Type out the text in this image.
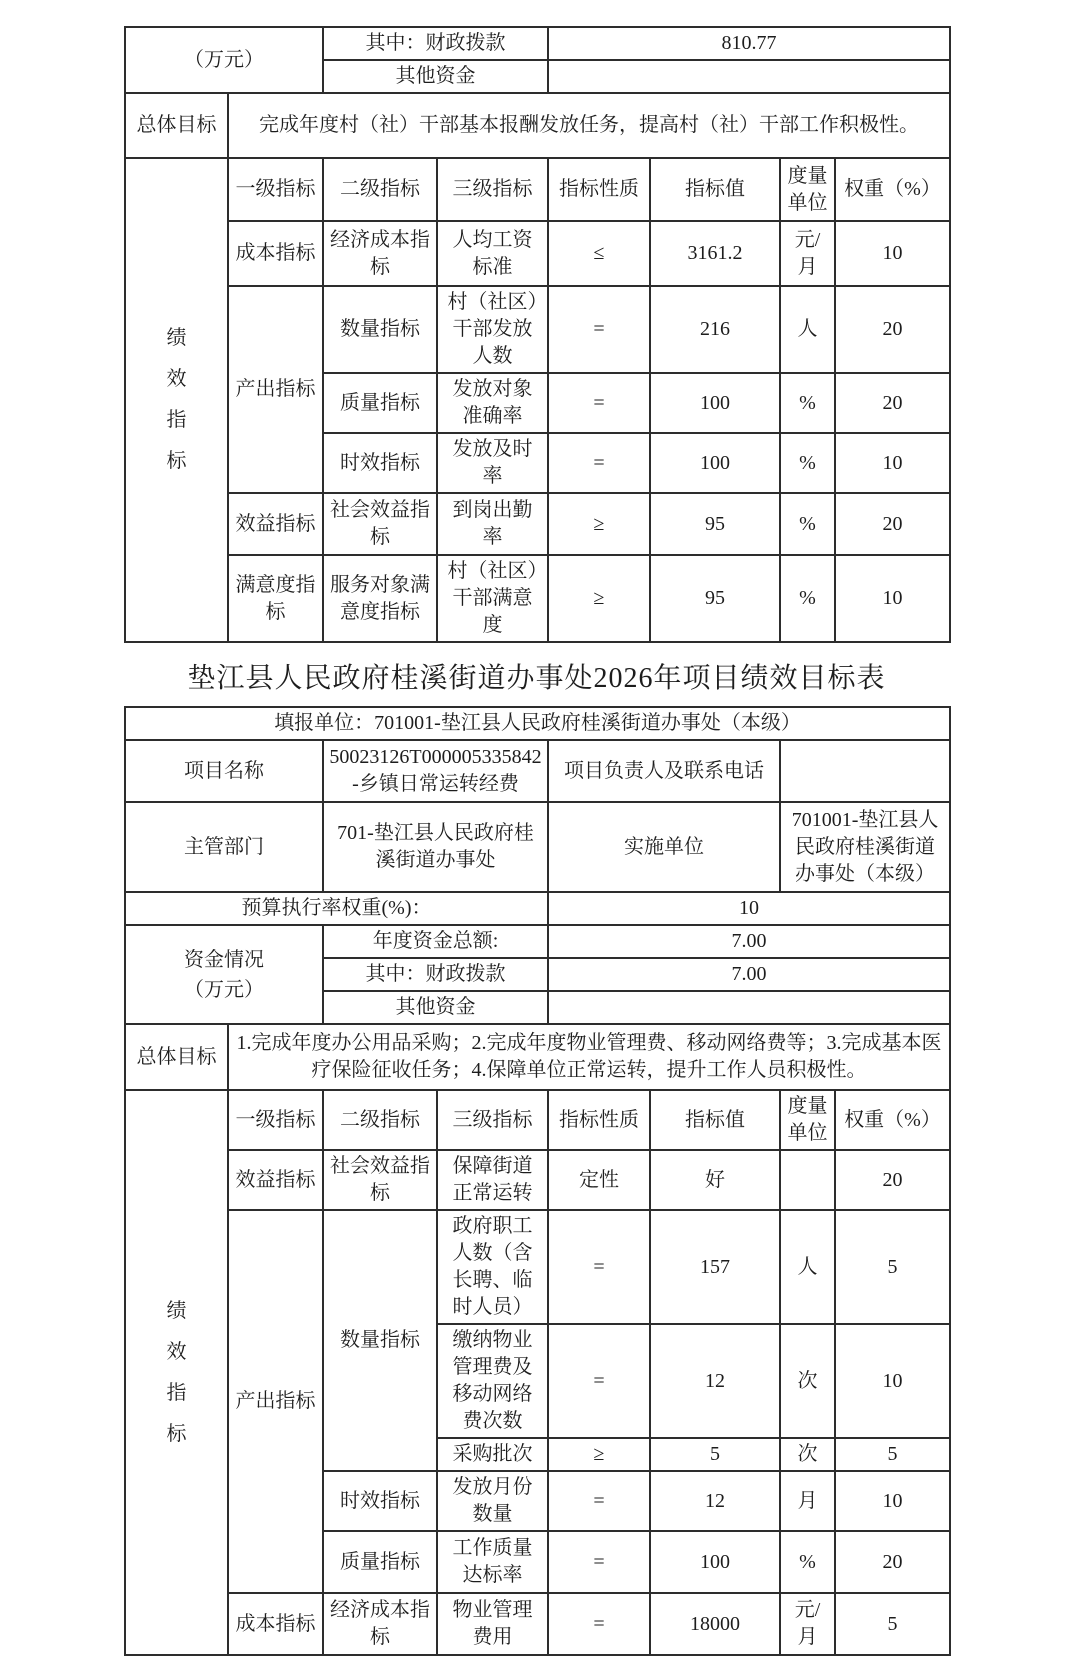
（万元）		其中：财政拨款		810.77			
		其他资金					
总体目标	完成年度村（社）干部基本报酬发放任务，提高村（社）干部工作积极性。						

绩效指标	一级指标	二级指标	三级指标	指标性质	指标值	度量单位	权重（%）
	成本指标	经济成本指标	人均工资标准	≤	3161.2	元/月	10
	产出指标	数量指标	村（社区）干部发放人数	=	216	人	20
		质量指标	发放对象准确率	=	100	%	20
		时效指标	发放及时率	=	100	%	10
	效益指标	社会效益指标	到岗出勤率	≥	95	%	20
	满意度指标	服务对象满意度指标	村（社区）干部满意度	≥	95	%	10
垫江县人民政府桂溪街道办事处2026年项目绩效目标表
填报单位：701001-垫江县人民政府桂溪街道办事处（本级）							
项目名称		50023126T000005335842-乡镇日常运转经费		项目负责人及联系电话			
主管部门		701-垫江县人民政府桂溪街道办事处		实施单位		701001-垫江县人民政府桂溪街道办事处（本级）	
预算执行率权重(%)：				10			

资金情况
（万元）		年度资金总额:		7.00			
		其中：财政拨款		7.00			
		其他资金					
总体目标	1.完成年度办公用品采购；2.完成年度物业管理费、移动网络费等；3.完成基本医疗保险征收任务；4.保障单位正常运转，提升工作人员积极性。						

绩效指标	一级指标	二级指标	三级指标	指标性质	指标值	度量单位	权重（%）
	效益指标	社会效益指标	保障街道正常运转	定性	好		20
	产出指标	数量指标	政府职工人数（含长聘、临时人员）	=	157	人	5
			缴纳物业管理费及移动网络费次数	=	12	次	10
			采购批次	≥	5	次	5
		时效指标	发放月份数量	=	12	月	10
		质量指标	工作质量达标率	=	100	%	20
	成本指标	经济成本指标	物业管理费用	=	18000	元/月	5
